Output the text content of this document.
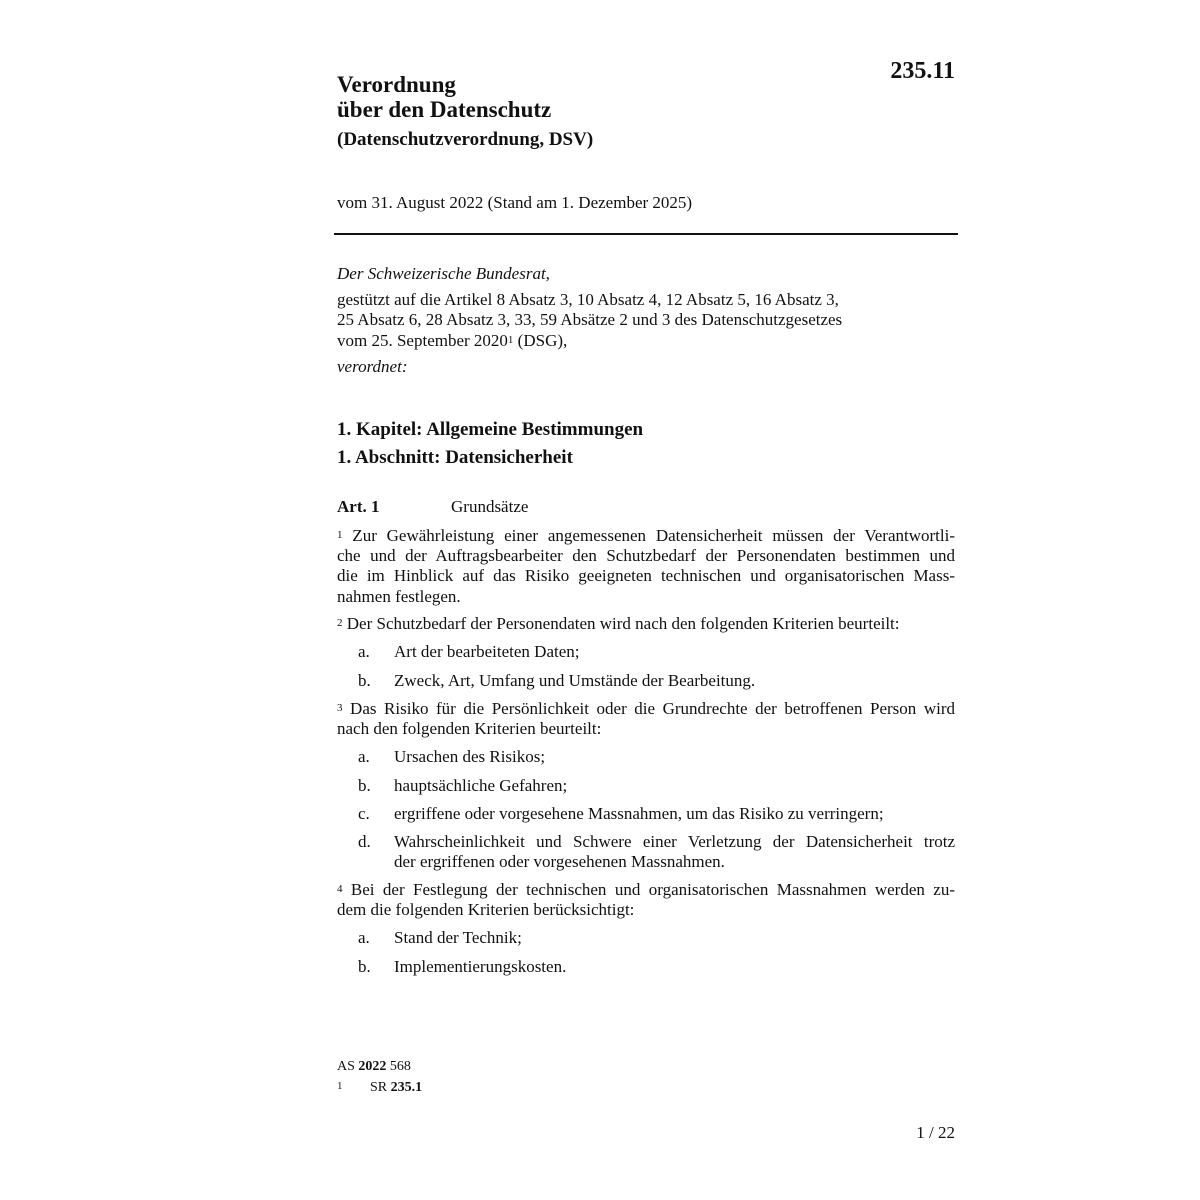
235.11
Verordnung
über den Datenschutz
(Datenschutzverordnung, DSV)
vom 31. August 2022 (Stand am 1. Dezember 2025)
Der Schweizerische Bundesrat,
gestützt auf die Artikel 8 Absatz 3, 10 Absatz 4, 12 Absatz 5, 16 Absatz 3,
25 Absatz 6, 28 Absatz 3, 33, 59 Absätze 2 und 3 des Datenschutzgesetzes
vom 25. September 2020$^1$ (DSG),
verordnet:
1. Kapitel: Allgemeine Bestimmungen
1. Abschnitt: Datensicherheit
Art. 1	Grundsätze
$^1$ Zur Gewährleistung einer angemessenen Datensicherheit müssen der Verantwortli-
che und der Auftragsbearbeiter den Schutzbedarf der Personendaten bestimmen und
die im Hinblick auf das Risiko geeigneten technischen und organisatorischen Mass-
nahmen festlegen.
$^2$ Der Schutzbedarf der Personendaten wird nach den folgenden Kriterien beurteilt:
a. Art der bearbeiteten Daten;
b. Zweck, Art, Umfang und Umstände der Bearbeitung.
$^3$ Das Risiko für die Persönlichkeit oder die Grundrechte der betroffenen Person wird
nach den folgenden Kriterien beurteilt:
a. Ursachen des Risikos;
b. hauptsächliche Gefahren;
c. ergriffene oder vorgesehene Massnahmen, um das Risiko zu verringern;
d. Wahrscheinlichkeit und Schwere einer Verletzung der Datensicherheit trotz
der ergriffenen oder vorgesehenen Massnahmen.
$^4$ Bei der Festlegung der technischen und organisatorischen Massnahmen werden zu-
dem die folgenden Kriterien berücksichtigt:
a. Stand der Technik;
b. Implementierungskosten.
AS 2022 568
$^1$ SR 235.1
1 / 22
